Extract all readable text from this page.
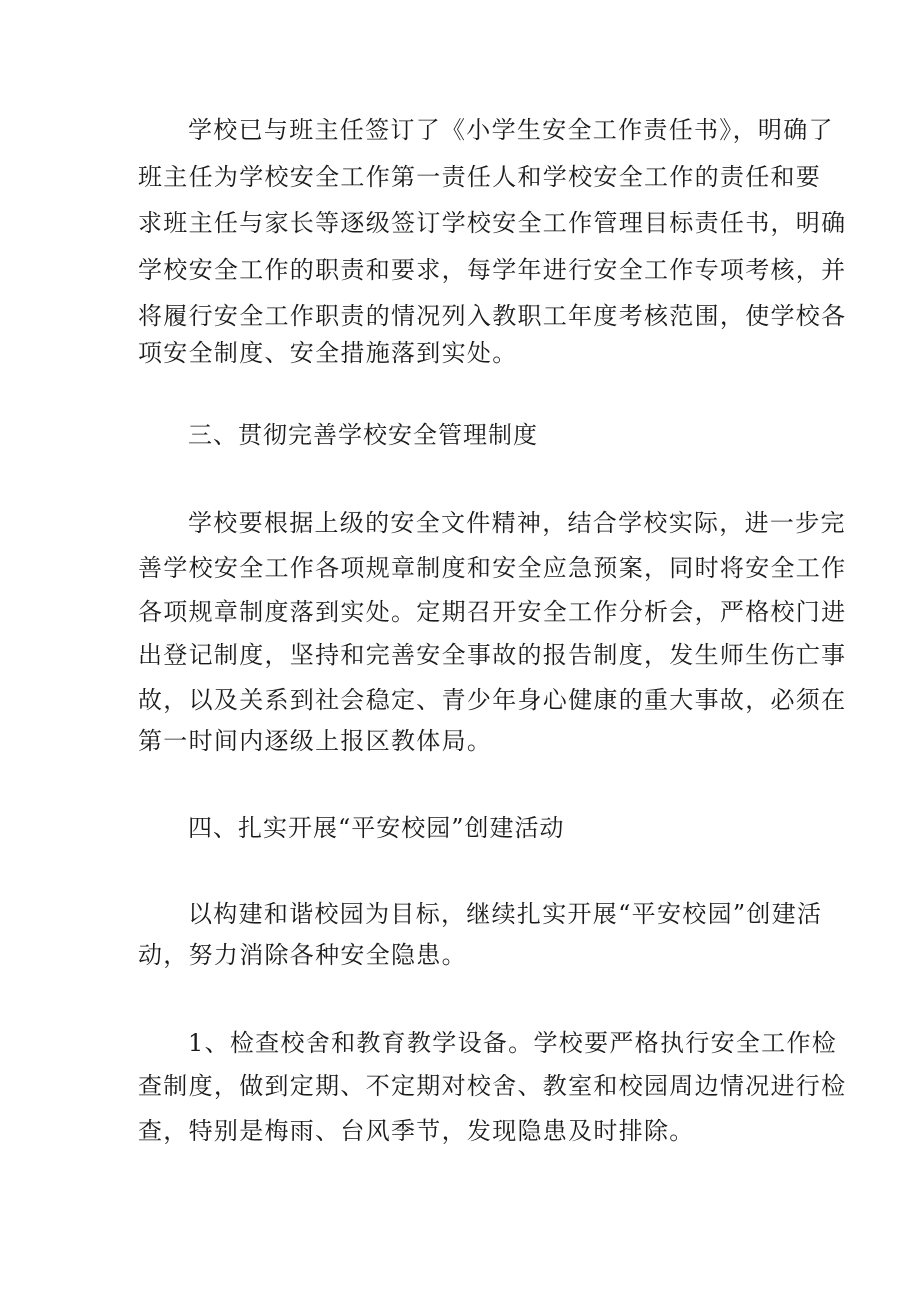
学校已与班主任签订了《小学生安全工作责任书》，明确了

班主任为学校安全工作第一责任人和学校安全工作的责任和要

求班主任与家长等逐级签订学校安全工作管理目标责任书，明确

学校安全工作的职责和要求，每学年进行安全工作专项考核，并

将履行安全工作职责的情况列入教职工年度考核范围，使学校各

项安全制度、安全措施落到实处。

三、贯彻完善学校安全管理制度

学校要根据上级的安全文件精神，结合学校实际，进一步完

善学校安全工作各项规章制度和安全应急预案，同时将安全工作

各项规章制度落到实处。定期召开安全工作分析会，严格校门进

出登记制度，坚持和完善安全事故的报告制度，发生师生伤亡事

故，以及关系到社会稳定、青少年身心健康的重大事故，必须在

第一时间内逐级上报区教体局。

四、扎实开展“平安校园”创建活动

以构建和谐校园为目标，继续扎实开展“平安校园”创建活

动，努力消除各种安全隐患。

1、检查校舍和教育教学设备。学校要严格执行安全工作检

查制度，做到定期、不定期对校舍、教室和校园周边情况进行检

查，特别是梅雨、台风季节，发现隐患及时排除。
